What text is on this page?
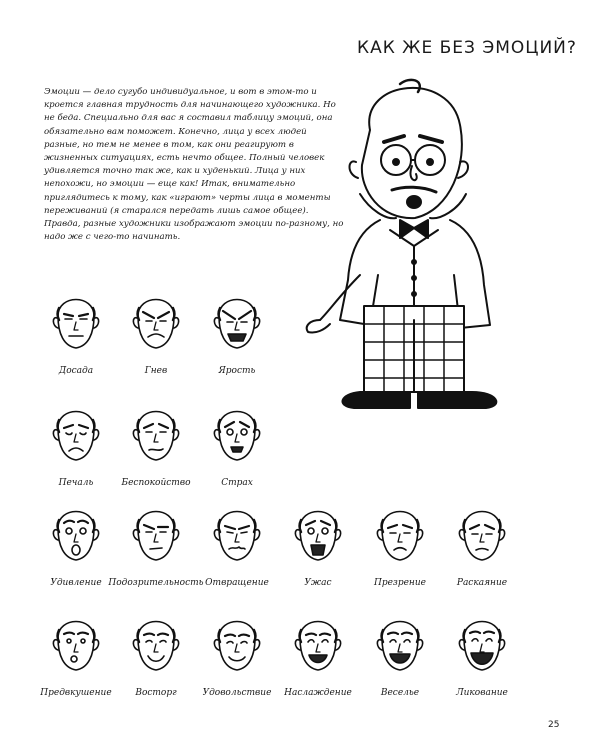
КАК ЖЕ БЕЗ ЭМОЦИЙ?

Эмоции — дело сугубо индивидуальное, и вот в этом-то и кроется главная трудность для начинающего художника. Но не беда. Специально для вас я составил таблицу эмоций, она обязательно вам поможет. Конечно, лица у всех людей разные, но тем не менее в том, как они реагируют в жизненных ситуациях, есть нечто общее. Полный человек удивляется точно так же, как и худенький. Лица у них непохожи, но эмоции — еще как! Итак, внимательно приглядитесь к тому, как «играют» черты лица в моменты переживаний (я старался передать лишь самое общее). Правда, разные художники изображают эмоции по-разному, но надо же с чего-то начинать.

Досада	Гнев	Ярость
Печаль	Беспокойство	Страх
Удивление Подозрительность Отвращение	Ужас	Презрение	Раскаяние
Предвкушение	Восторг	Удовольствие	Наслаждение	Веселье	Ликование
25
